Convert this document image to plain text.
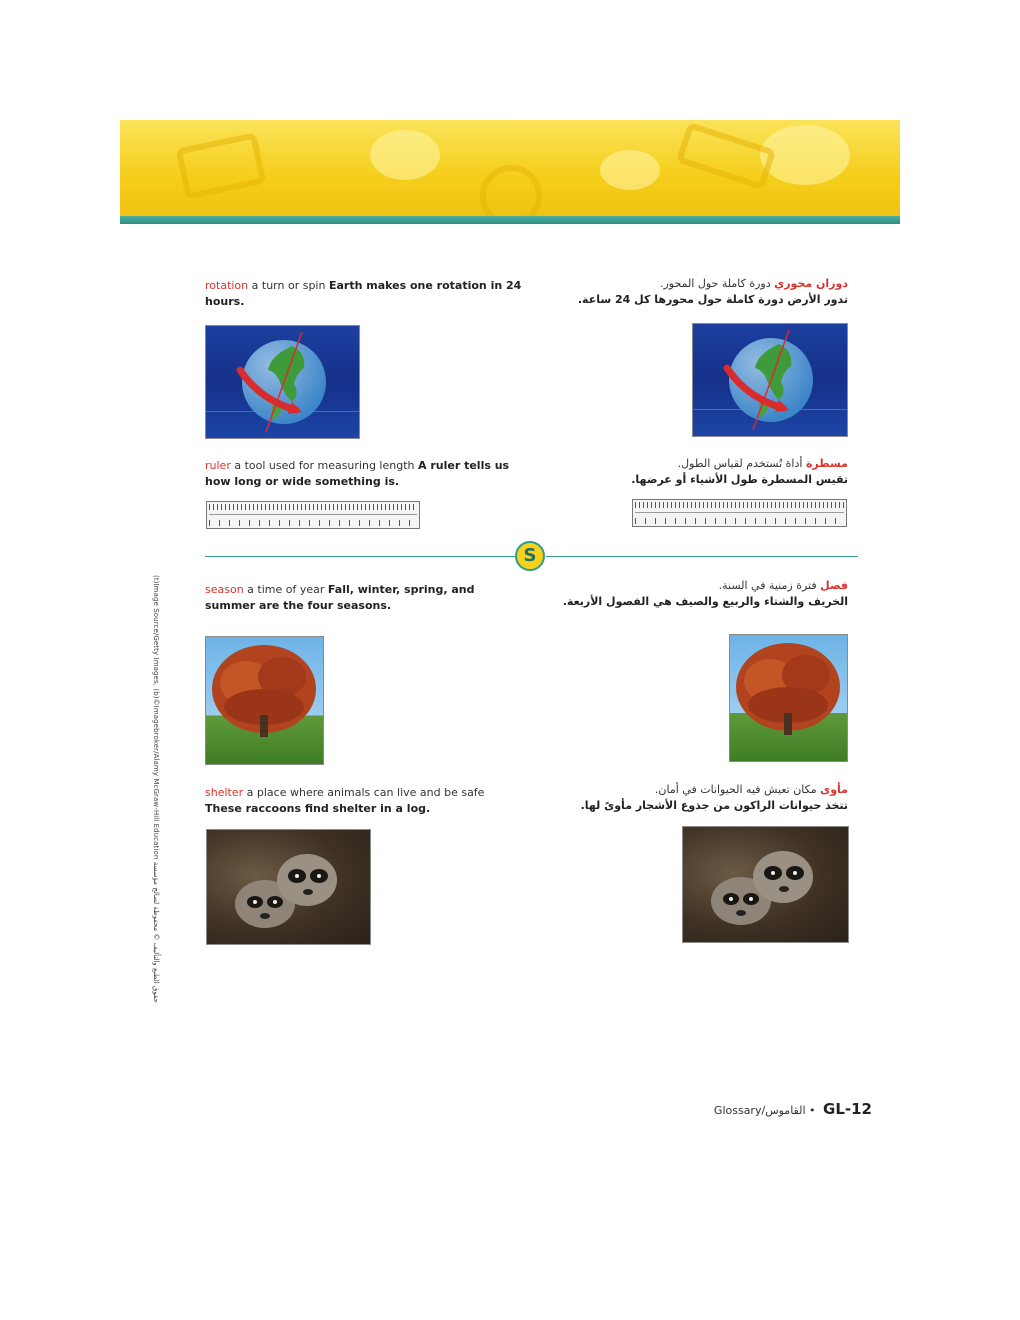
rotation a turn or spin Earth makes one rotation in 24 hours.
دوران محوري دورة كاملة حول المحور.
تدور الأرض دورة كاملة حول محورها كل 24 ساعة.
ruler a tool used for measuring length A ruler tells us how long or wide something is.
مسطرة أداة تُستخدم لقياس الطول.
تقيس المسطرة طول الأشياء أو عرضها.
S
season a time of year Fall, winter, spring, and summer are the four seasons.
فصل فترة زمنية في السنة.
الخريف والشتاء والربيع والصيف هي الفصول الأربعة.
shelter a place where animals can live and be safe
These raccoons find shelter in a log.
مأوى مكان تعيش فيه الحيوانات في أمان.
تتخذ حيوانات الراكون من جذوع الأشجار مأوىً لها.
(t)Image Source/Getty Images, (b)©Imagebroker/Alamy McGraw-Hill Education حقوق الطبع والتأليف © محفوظة لصالح مؤسسة
Glossary/القاموس • GL-12
